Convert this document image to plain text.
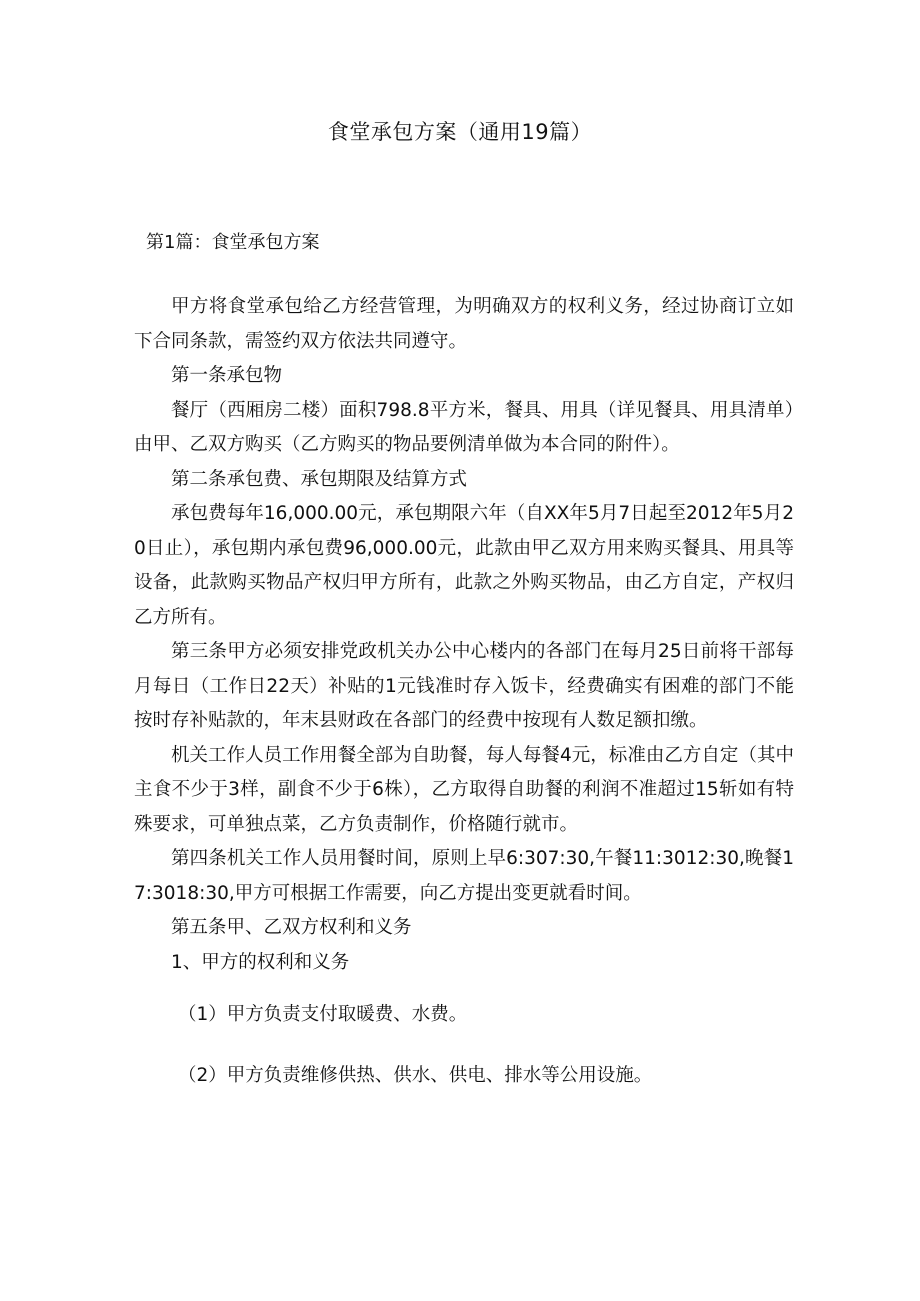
食堂承包方案（通用19篇）
第1篇：食堂承包方案

甲方将食堂承包给乙方经营管理，为明确双方的权利义务，经过协商订立如下合同条款，需签约双方依法共同遵守。

第一条承包物

餐厅（西厢房二楼）面积798.8平方米，餐具、用具（详见餐具、用具清单）由甲、乙双方购买（乙方购买的物品要例清单做为本合同的附件）。

第二条承包费、承包期限及结算方式

承包费每年16,000.00元，承包期限六年（自XX年5月7日起至2012年5月20日止），承包期内承包费96,000.00元，此款由甲乙双方用来购买餐具、用具等设备，此款购买物品产权归甲方所有，此款之外购买物品，由乙方自定，产权归乙方所有。

第三条甲方必须安排党政机关办公中心楼内的各部门在每月25日前将干部每月每日（工作日22天）补贴的1元钱准时存入饭卡，经费确实有困难的部门不能按时存补贴款的，年末县财政在各部门的经费中按现有人数足额扣缴。

机关工作人员工作用餐全部为自助餐，每人每餐4元，标准由乙方自定（其中主食不少于3样，副食不少于6株），乙方取得自助餐的利润不准超过15斩如有特殊要求，可单独点菜，乙方负责制作，价格随行就市。

第四条机关工作人员用餐时间，原则上早6:307:30,午餐11:3012:30,晚餐17:3018:30,甲方可根据工作需要，向乙方提出变更就看时间。

第五条甲、乙双方权利和义务

1、甲方的权利和义务

（1）甲方负责支付取暖费、水费。

（2）甲方负责维修供热、供水、供电、排水等公用设施。
